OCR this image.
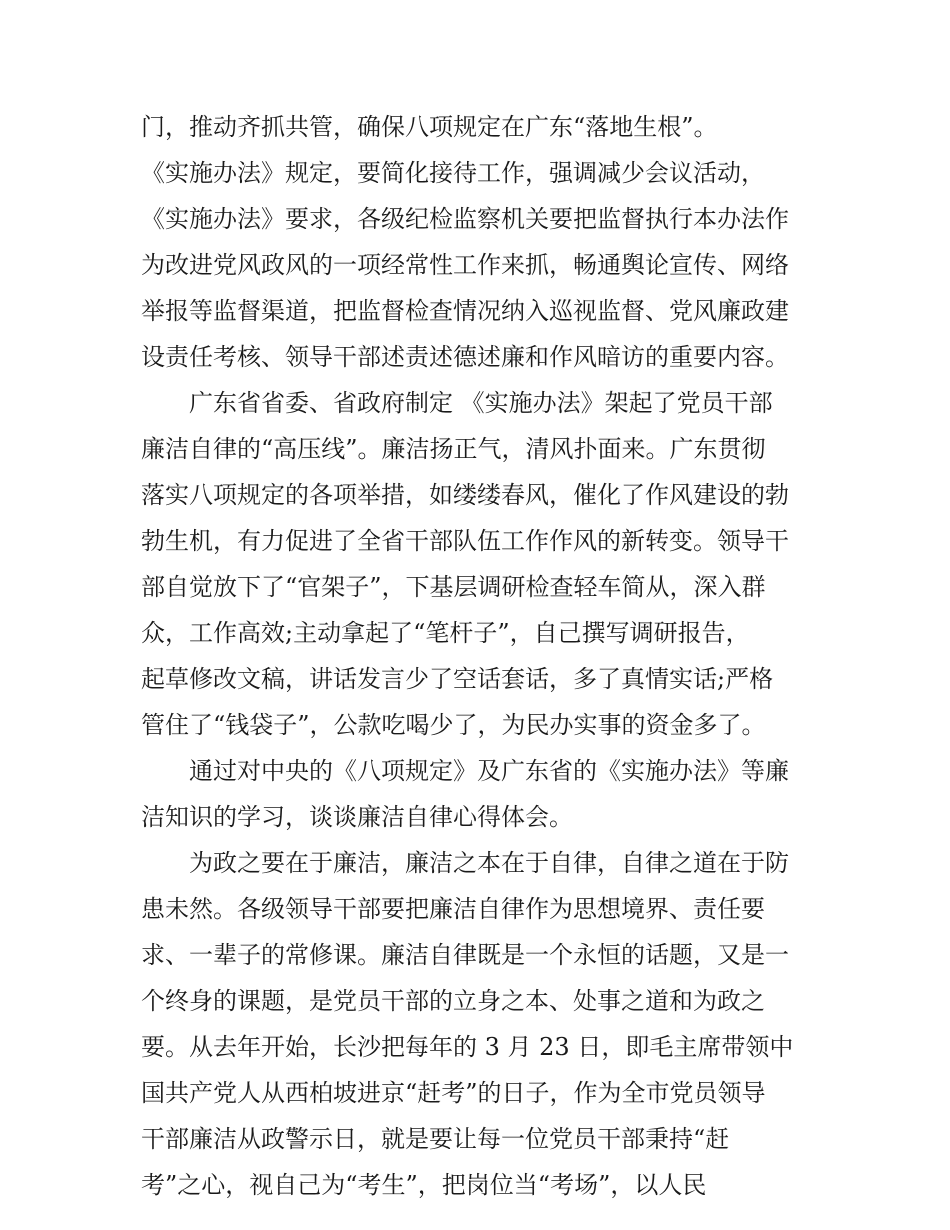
门，推动齐抓共管，确保八项规定在广东“落地生根”。
《实施办法》规定，要简化接待工作，强调减少会议活动，
《实施办法》要求，各级纪检监察机关要把监督执行本办法作
为改进党风政风的一项经常性工作来抓，畅通舆论宣传、网络
举报等监督渠道，把监督检查情况纳入巡视监督、党风廉政建
设责任考核、领导干部述责述德述廉和作风暗访的重要内容。
广东省省委、省政府制定 《实施办法》架起了党员干部
廉洁自律的“高压线”。廉洁扬正气，清风扑面来。广东贯彻
落实八项规定的各项举措，如缕缕春风，催化了作风建设的勃
勃生机，有力促进了全省干部队伍工作作风的新转变。领导干
部自觉放下了“官架子”，下基层调研检查轻车简从，深入群
众，工作高效;主动拿起了“笔杆子”，自己撰写调研报告，
起草修改文稿，讲话发言少了空话套话，多了真情实话;严格
管住了“钱袋子”，公款吃喝少了，为民办实事的资金多了。
通过对中央的《八项规定》及广东省的《实施办法》等廉
洁知识的学习，谈谈廉洁自律心得体会。
为政之要在于廉洁，廉洁之本在于自律，自律之道在于防
患未然。各级领导干部要把廉洁自律作为思想境界、责任要
求、一辈子的常修课。廉洁自律既是一个永恒的话题，又是一
个终身的课题，是党员干部的立身之本、处事之道和为政之
要。从去年开始，长沙把每年的 3 月 23 日，即毛主席带领中
国共产党人从西柏坡进京“赶考”的日子，作为全市党员领导
干部廉洁从政警示日，就是要让每一位党员干部秉持“赶
考”之心，视自己为“考生”，把岗位当“考场”，以人民
